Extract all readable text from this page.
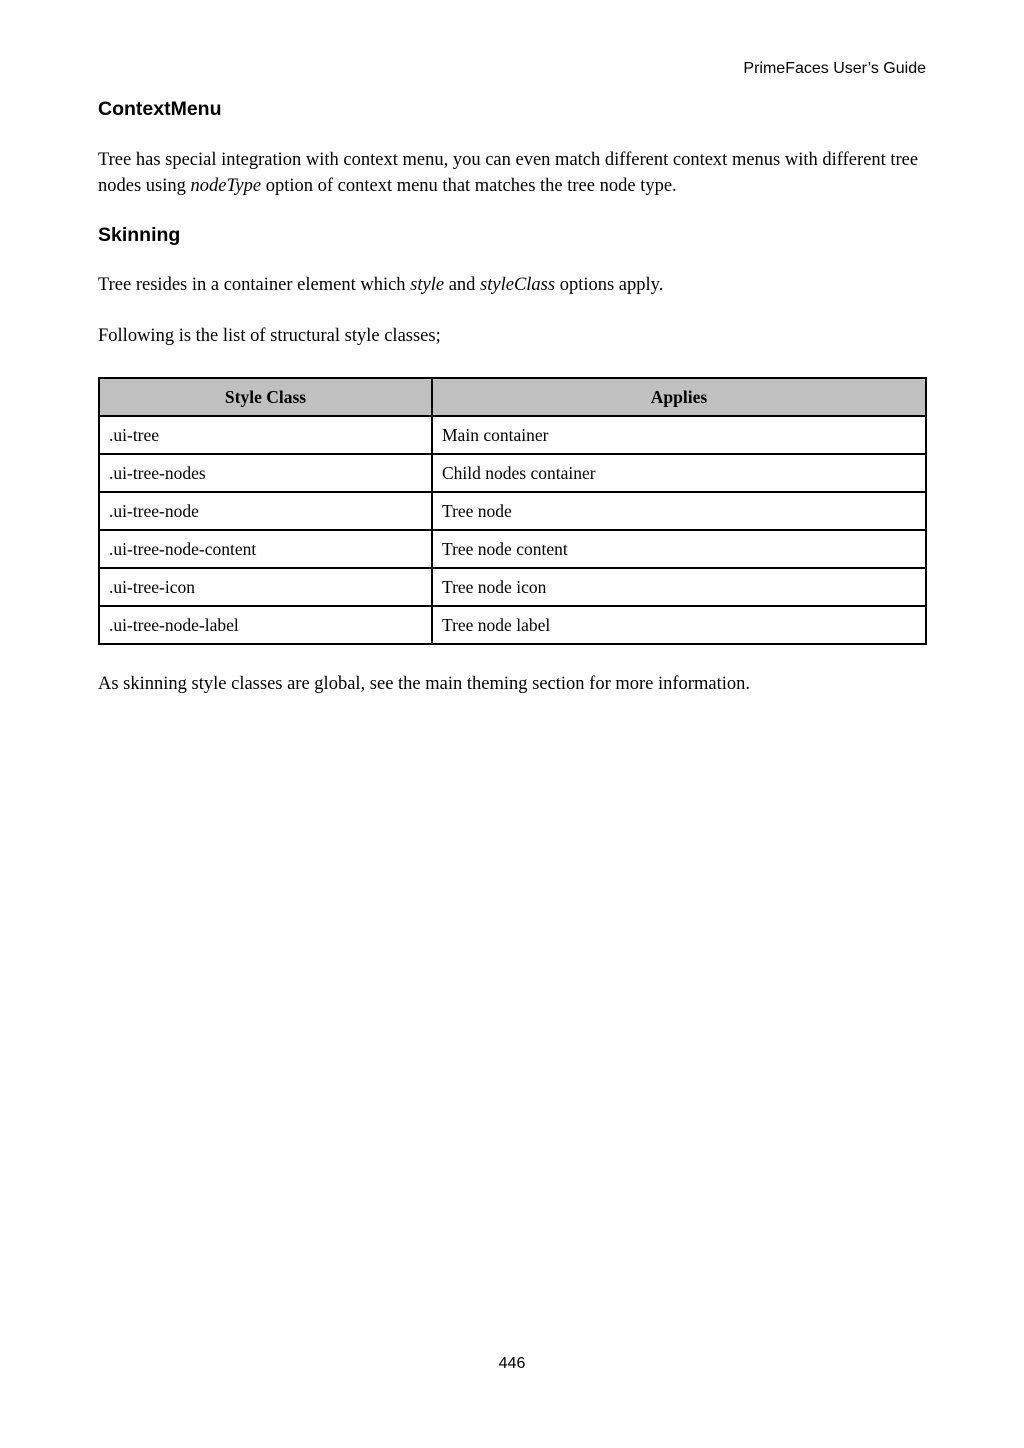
PrimeFaces User’s Guide
ContextMenu

Tree has special integration with context menu, you can even match different context menus with different tree nodes using nodeType option of context menu that matches the tree node type.

Skinning

Tree resides in a container element which style and styleClass options apply.

Following is the list of structural style classes;

Style Class	Applies
.ui-tree	Main container
.ui-tree-nodes	Child nodes container
.ui-tree-node	Tree node
.ui-tree-node-content	Tree node content
.ui-tree-icon	Tree node icon
.ui-tree-node-label	Tree node label

As skinning style classes are global, see the main theming section for more information.

446
